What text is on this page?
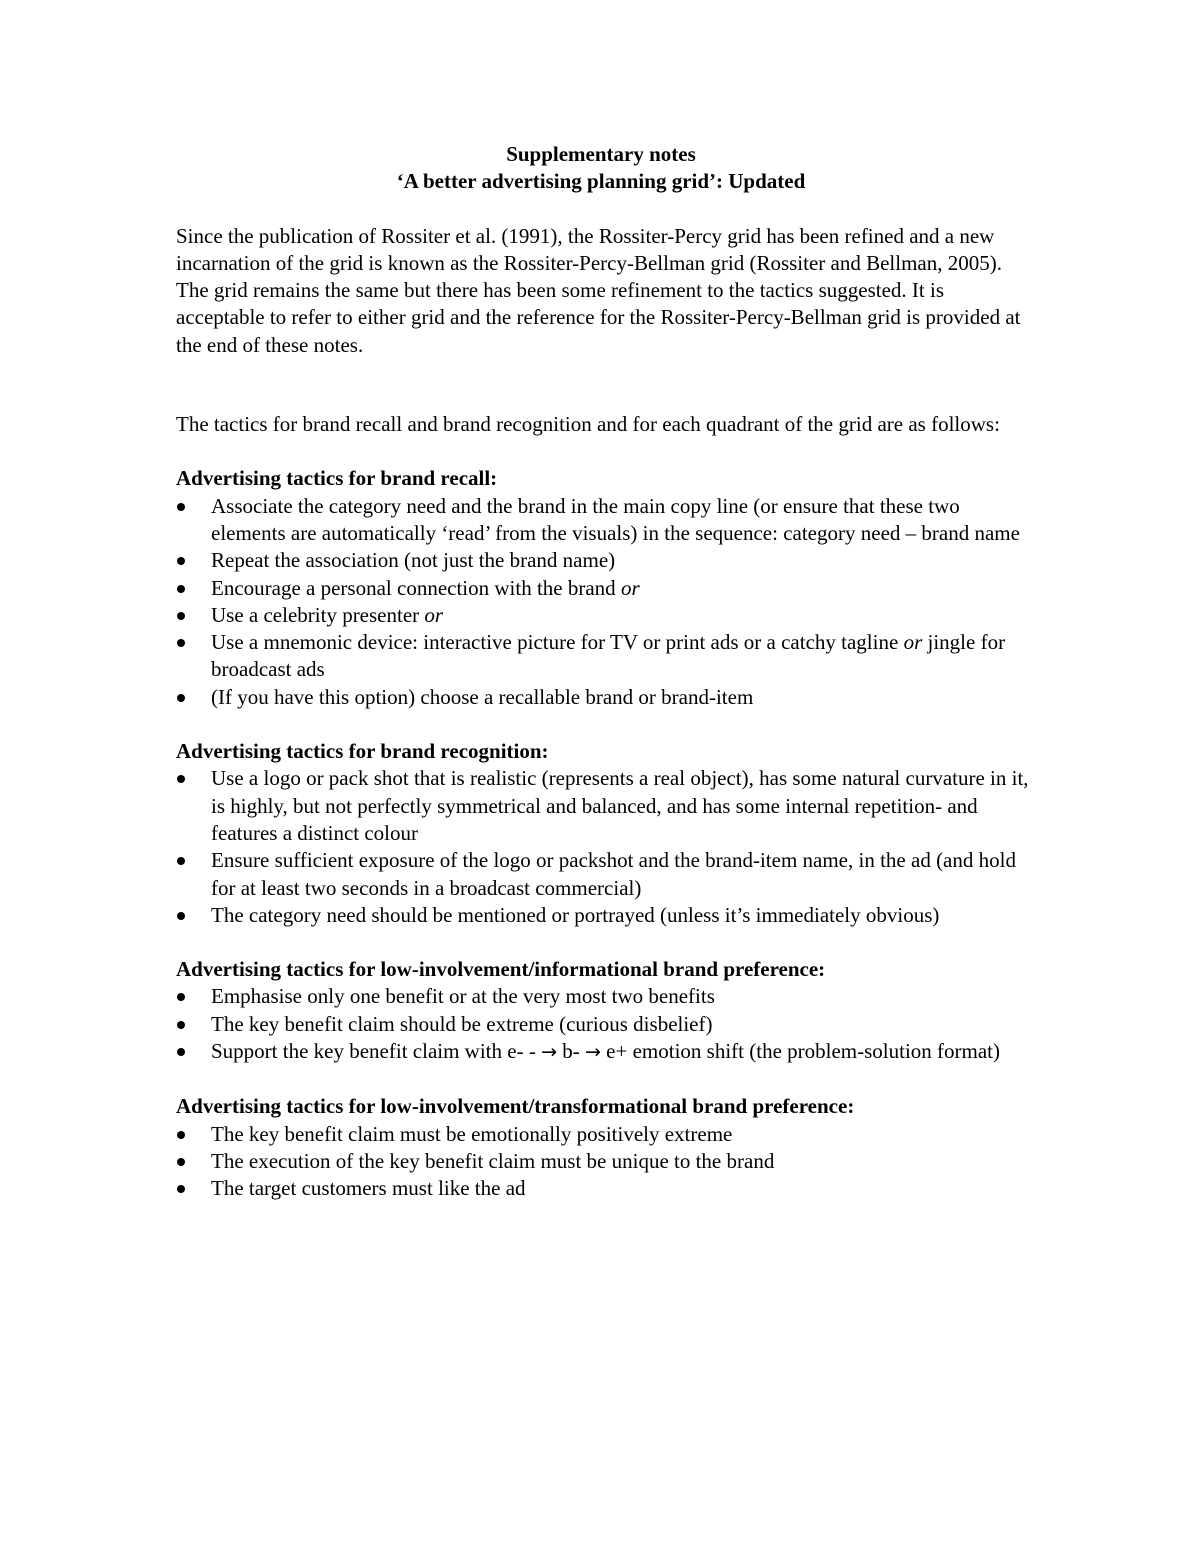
Supplementary notes
‘A better advertising planning grid’: Updated

Since the publication of Rossiter et al. (1991), the Rossiter-Percy grid has been refined and a new incarnation of the grid is known as the Rossiter-Percy-Bellman grid (Rossiter and Bellman, 2005). The grid remains the same but there has been some refinement to the tactics suggested. It is acceptable to refer to either grid and the reference for the Rossiter-Percy-Bellman grid is provided at the end of these notes.

The tactics for brand recall and brand recognition and for each quadrant of the grid are as follows:

Advertising tactics for brand recall:

Associate the category need and the brand in the main copy line (or ensure that these two elements are automatically ‘read’ from the visuals) in the sequence: category need – brand name
Repeat the association (not just the brand name)
Encourage a personal connection with the brand or
Use a celebrity presenter or
Use a mnemonic device: interactive picture for TV or print ads or a catchy tagline or jingle for broadcast ads
(If you have this option) choose a recallable brand or brand-item

Advertising tactics for brand recognition:

Use a logo or pack shot that is realistic (represents a real object), has some natural curvature in it, is highly, but not perfectly symmetrical and balanced, and has some internal repetition- and features a distinct colour
Ensure sufficient exposure of the logo or packshot and the brand-item name, in the ad (and hold for at least two seconds in a broadcast commercial)
The category need should be mentioned or portrayed (unless it’s immediately obvious)

Advertising tactics for low-involvement/informational brand preference:

Emphasise only one benefit or at the very most two benefits
The key benefit claim should be extreme (curious disbelief)
Support the key benefit claim with e- - → b- → e+ emotion shift (the problem-solution format)

Advertising tactics for low-involvement/transformational brand preference:

The key benefit claim must be emotionally positively extreme
The execution of the key benefit claim must be unique to the brand
The target customers must like the ad
